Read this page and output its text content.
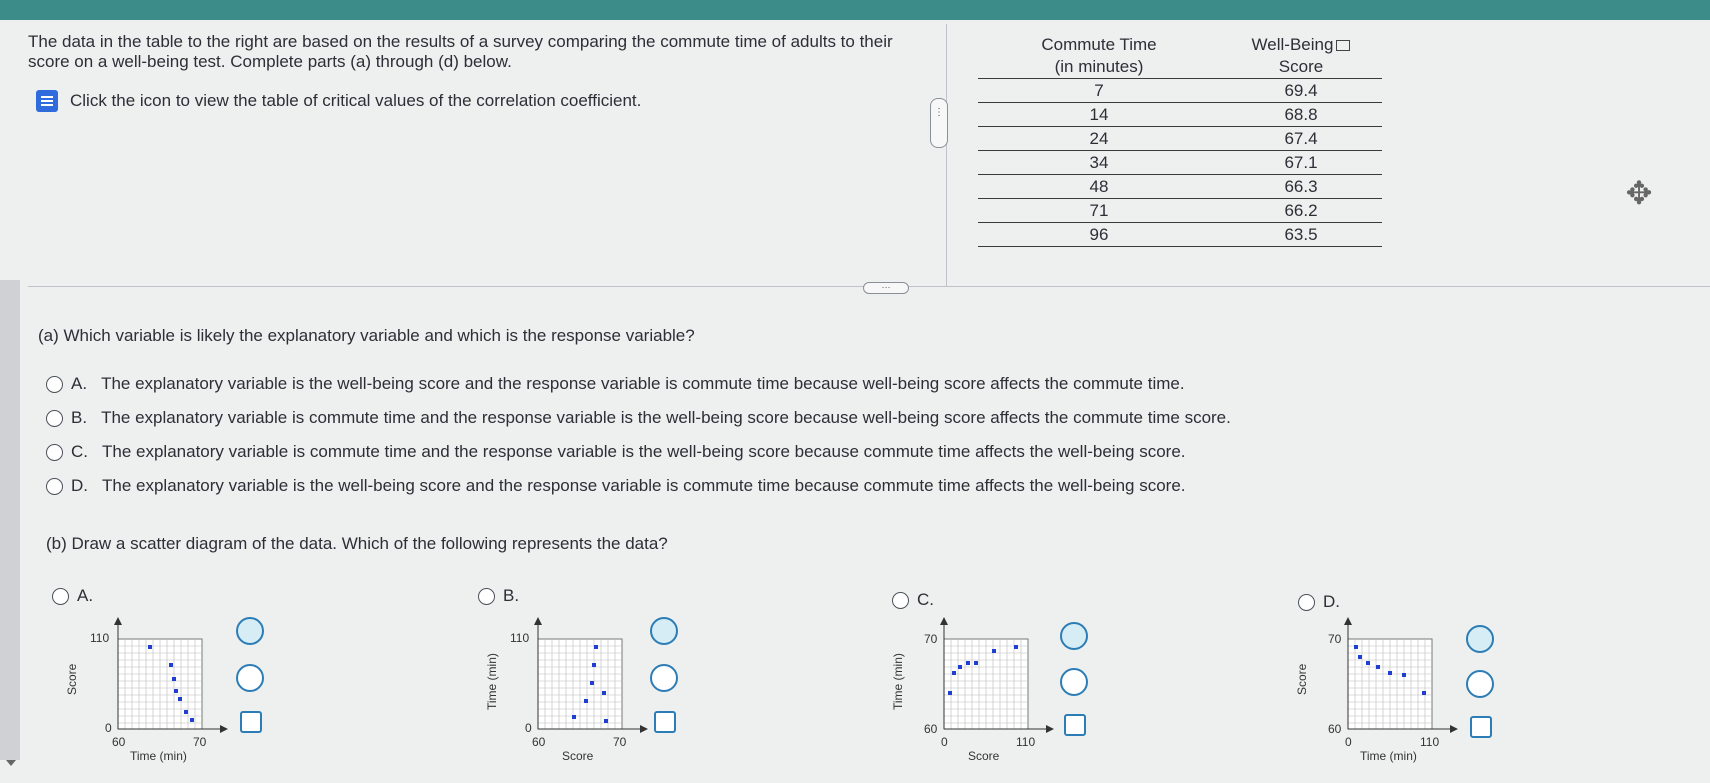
The data in the table to the right are based on the results of a survey comparing the commute time of adults to their score on a well-being test. Complete parts (a) through (d) below.
Click the icon to view the table of critical values of the correlation coefficient.
⋮
Commute Time	Well-Being
(in minutes)	Score
7	69.4
14	68.8
24	67.4
34	67.1
48	66.3
71	66.2
96	63.5
✥
···
(a) Which variable is likely the explanatory variable and which is the response variable?
A. The explanatory variable is the well-being score and the response variable is commute time because well-being score affects the commute time.
B. The explanatory variable is commute time and the response variable is the well-being score because well-being score affects the commute time score.
C. The explanatory variable is commute time and the response variable is the well-being score because commute time affects the well-being score.
D. The explanatory variable is the well-being score and the response variable is commute time because commute time affects the well-being score.
(b) Draw a scatter diagram of the data. Which of the following represents the data?
A.	B.	C.	D.
110
0
60	70
Time (min)
Score
110
0
60	70
Score
Time (min)
70
60
0	110
Score
Time (min)
70
60
0	110
Time (min)
Score
